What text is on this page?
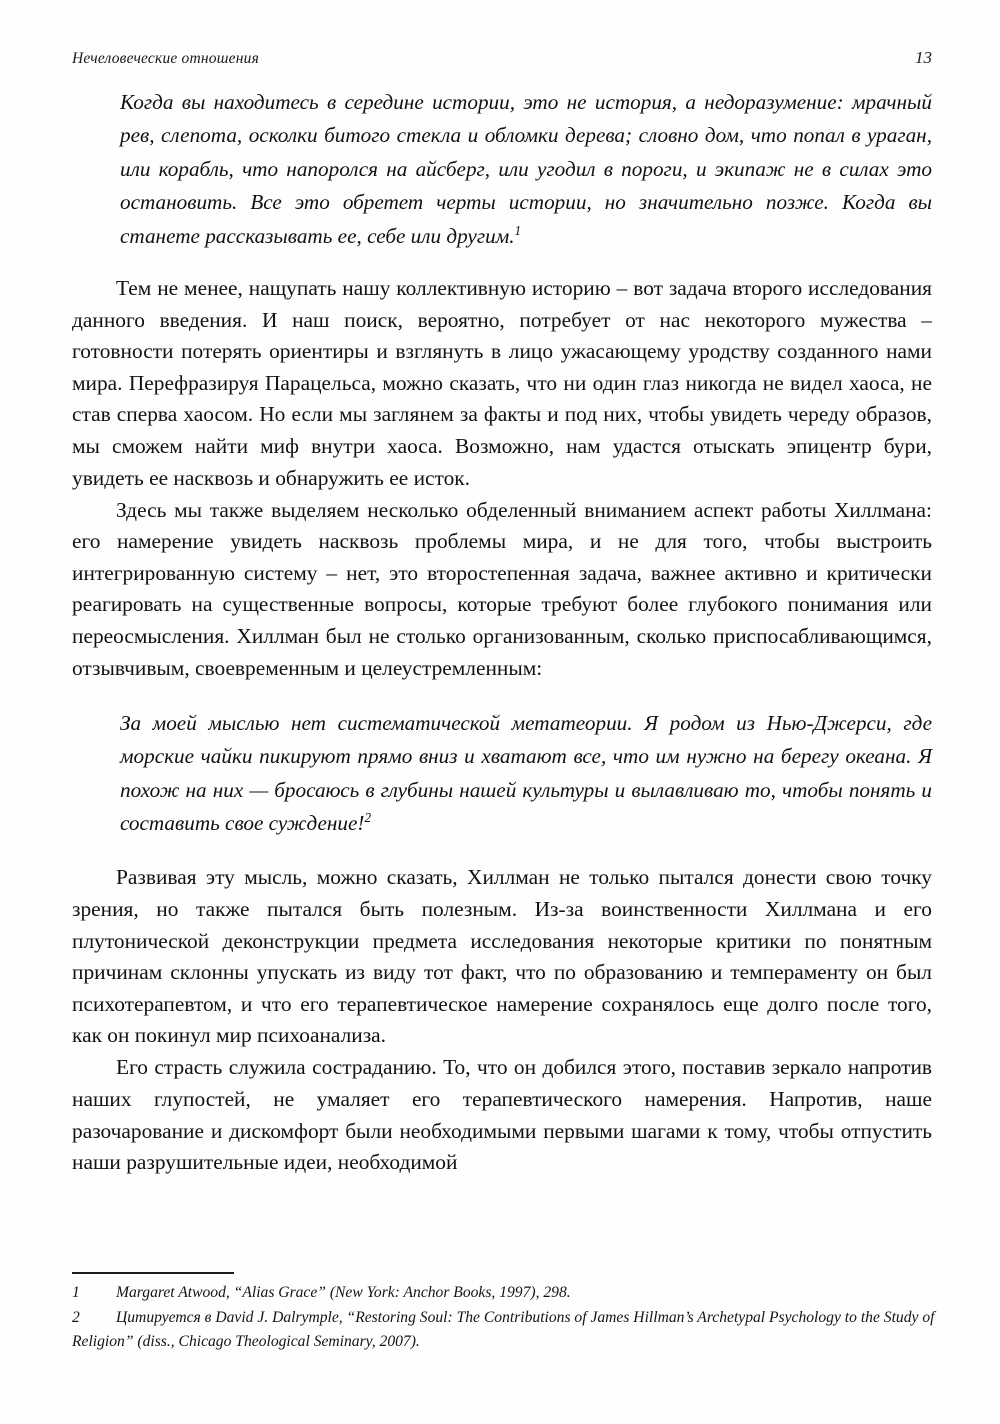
Нечеловеческие отношения	13
Когда вы находитесь в середине истории, это не история, а недоразумение: мрачный рев, слепота, осколки битого стекла и обломки дерева; словно дом, что попал в ураган, или корабль, что напоролся на айсберг, или угодил в пороги, и экипаж не в силах это остановить. Все это обретет черты истории, но значительно позже. Когда вы станете рассказывать ее, себе или другим.$^1$

Тем не менее, нащупать нашу коллективную историю – вот задача второго исследования данного введения. И наш поиск, вероятно, потребует от нас некоторого мужества – готовности потерять ориентиры и взглянуть в лицо ужасающему уродству созданного нами мира. Перефразируя Парацельса, можно сказать, что ни один глаз никогда не видел хаоса, не став сперва хаосом. Но если мы заглянем за факты и под них, чтобы увидеть череду образов, мы сможем найти миф внутри хаоса. Возможно, нам удастся отыскать эпицентр бури, увидеть ее насквозь и обнаружить ее исток.

Здесь мы также выделяем несколько обделенный вниманием аспект работы Хиллмана: его намерение увидеть насквозь проблемы мира, и не для того, чтобы выстроить интегрированную систему – нет, это второстепенная задача, важнее активно и критически реагировать на существенные вопросы, которые требуют более глубокого понимания или переосмысления. Хиллман был не столько организованным, сколько приспосабливающимся, отзывчивым, своевременным и целеустремленным:

За моей мыслью нет систематической метатеории. Я родом из Нью-Джерси, где морские чайки пикируют прямо вниз и хватают все, что им нужно на берегу океана. Я похож на них — бросаюсь в глубины нашей культуры и вылавливаю то, чтобы понять и составить свое суждение!$^2$

Развивая эту мысль, можно сказать, Хиллман не только пытался донести свою точку зрения, но также пытался быть полезным. Из-за воинственности Хиллмана и его плутонической деконструкции предмета исследования некоторые критики по понятным причинам склонны упускать из виду тот факт, что по образованию и темпераменту он был психотерапевтом, и что его терапевтическое намерение сохранялось еще долго после того, как он покинул мир психоанализа.

Его страсть служила состраданию. То, что он добился этого, поставив зеркало напротив наших глупостей, не умаляет его терапевтического намерения. Напротив, наше разочарование и дискомфорт были необходимыми первыми шагами к тому, чтобы отпустить наши разрушительные идеи, необходимой

1 Margaret Atwood, “Alias Grace” (New York: Anchor Books, 1997), 298.
2 Цитируется в David J. Dalrymple, “Restoring Soul: The Contributions of James Hillman’s Archetypal Psychology to the Study of Religion” (diss., Chicago Theological Seminary, 2007).
